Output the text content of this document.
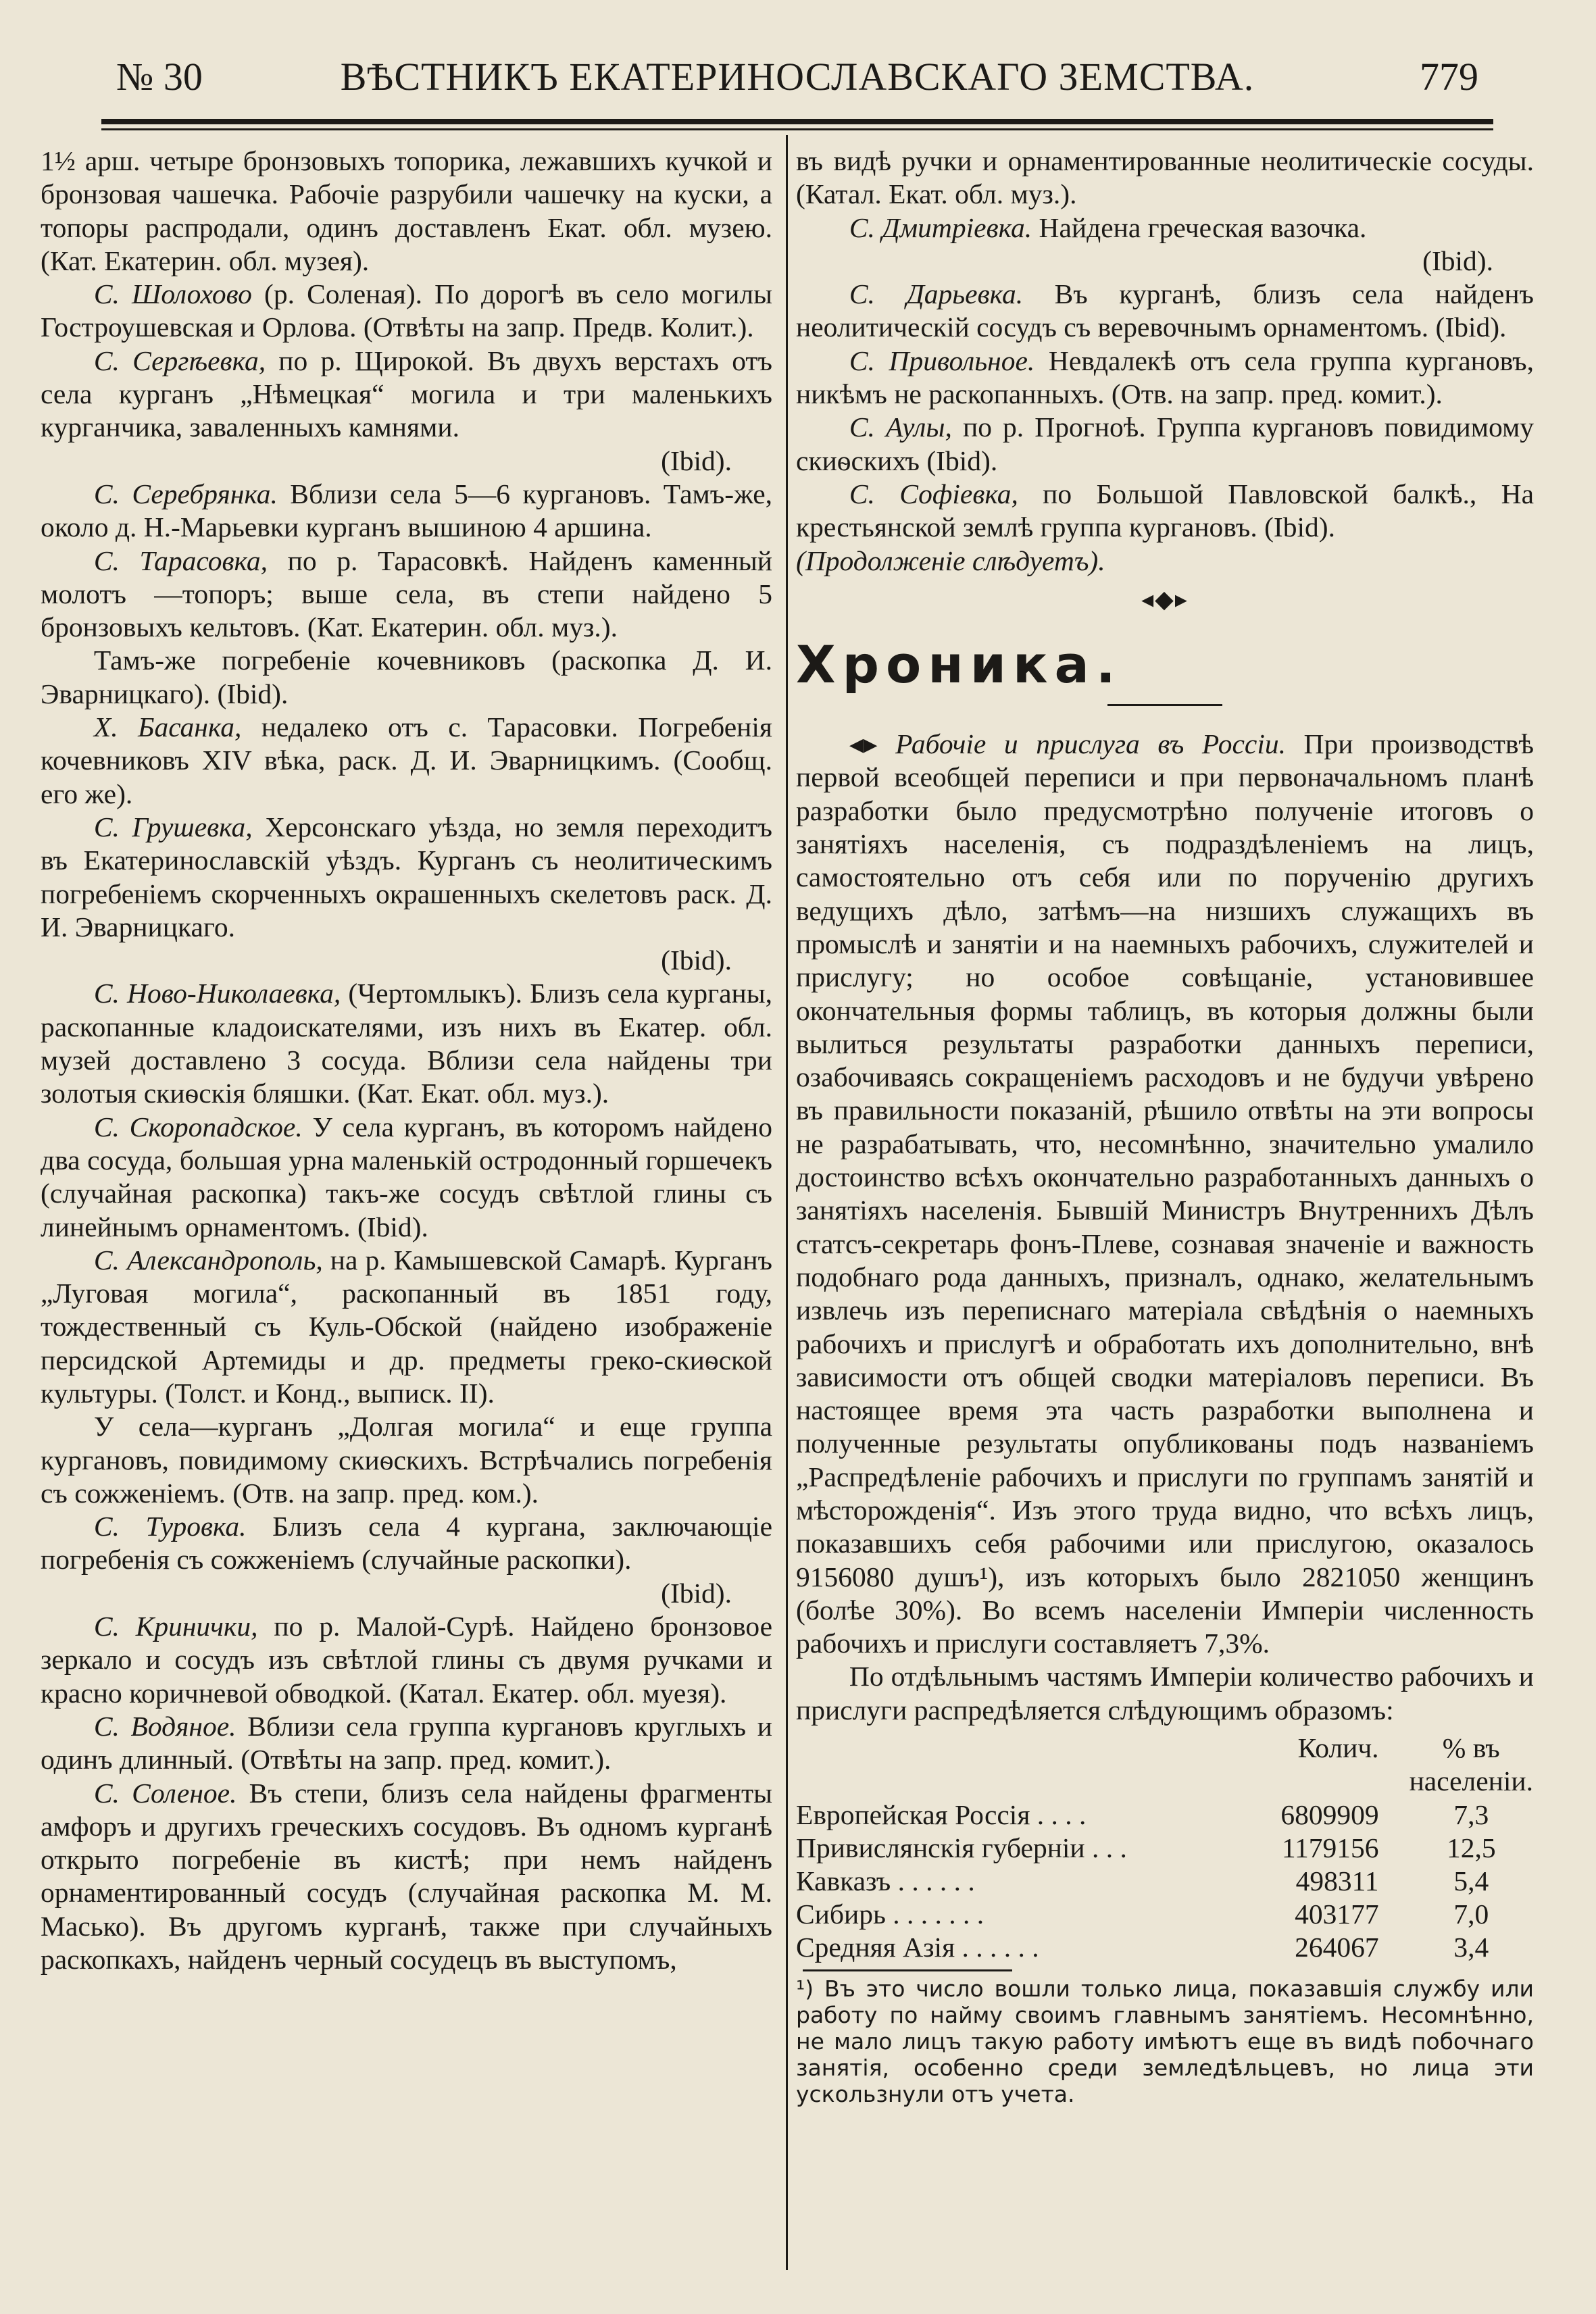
№ 30	ВѢСТНИКЪ ЕКАТЕРИНОСЛАВСКАГО ЗЕМСТВА.	779

1½ арш. четыре бронзовыхъ топорика, лежавшихъ кучкой и бронзовая чашечка. Рабочіе разрубили чашечку на куски, а топоры распродали, одинъ доставленъ Екат. обл. музею. (Кат. Екатерин. обл. музея).

С. Шолохово (р. Соленая). По дорогѣ въ село могилы Гостроушевская и Орлова. (Отвѣты на запр. Предв. Колит.).

С. Сергѣевка, по р. Щирокой. Въ двухъ верстахъ отъ села курганъ „Нѣмецкая“ могила и три маленькихъ курганчика, заваленныхъ камнями.
(Ibid).

С. Серебрянка. Вблизи села 5—6 кургановъ. Тамъ-же, около д. Н.-Марьевки курганъ вышиною 4 аршина.

С. Тарасовка, по р. Тарасовкѣ. Найденъ каменный молотъ —топоръ; выше села, въ степи найдено 5 бронзовыхъ кельтовъ. (Кат. Екатерин. обл. муз.).

Тамъ-же погребеніе кочевниковъ (раскопка Д. И. Эварницкаго). (Ibid).

Х. Басанка, недалеко отъ с. Тарасовки. Погребенія кочевниковъ XIV вѣка, раск. Д. И. Эварницкимъ. (Сообщ. его же).

С. Грушевка, Херсонскаго уѣзда, но земля переходитъ въ Екатеринославскій уѣздъ. Курганъ съ неолитическимъ погребеніемъ скорченныхъ окрашенныхъ скелетовъ раск. Д. И. Эварницкаго.
(Ibid).

С. Ново-Николаевка, (Чертомлыкъ). Близъ села курганы, раскопанные кладоискателями, изъ нихъ въ Екатер. обл. музей доставлено 3 сосуда. Вблизи села найдены три золотыя скиѳскія бляшки. (Кат. Екат. обл. муз.).

С. Скоропадское. У села курганъ, въ которомъ найдено два сосуда, большая урна маленькій остродонный горшечекъ (случайная раскопка) такъ-же сосудъ свѣтлой глины съ линейнымъ орнаментомъ. (Ibid).

С. Александрополь, на р. Камышевской Самарѣ. Курганъ „Луговая могила“, раскопанный въ 1851 году, тождественный съ Куль-Обской (найдено изображеніе персидской Артемиды и др. предметы греко-скиѳской культуры. (Толст. и Конд., выписк. II).

У села—курганъ „Долгая могила“ и еще группа кургановъ, повидимому скиѳскихъ. Встрѣчались погребенія съ сожженіемъ. (Отв. на запр. пред. ком.).

С. Туровка. Близъ села 4 кургана, заключающіе погребенія съ сожженіемъ (случайные раскопки).
(Ibid).

С. Кринички, по р. Малой-Сурѣ. Найдено бронзовое зеркало и сосудъ изъ свѣтлой глины съ двумя ручками и красно коричневой обводкой. (Катал. Екатер. обл. муезя).

С. Водяное. Вблизи села группа кургановъ круглыхъ и одинъ длинный. (Отвѣты на запр. пред. комит.).

С. Соленое. Въ степи, близъ села найдены фрагменты амфоръ и другихъ греческихъ сосудовъ. Въ одномъ курганѣ открыто погребеніе въ кистѣ; при немъ найденъ орнаментированный сосудъ (случайная раскопка М. М. Масько). Въ другомъ курганѣ, также при случайныхъ раскопкахъ, найденъ черный сосудецъ въ выступомъ,

въ видѣ ручки и орнаментированные неолитическіе сосуды. (Катал. Екат. обл. муз.).

С. Дмитріевка. Найдена греческая вазочка.
(Ibid).

С. Дарьевка. Въ курганѣ, близъ села найденъ неолитическій сосудъ съ веревочнымъ орнаментомъ. (Ibid).

С. Привольное. Невдалекѣ отъ села группа кургановъ, никѣмъ не раскопанныхъ. (Отв. на запр. пред. комит.).

С. Аулы, по р. Прогноѣ. Группа кургановъ повидимому скиѳскихъ (Ibid).

С. Софіевка, по Большой Павловской балкѣ., На крестьянской землѣ группа кургановъ. (Ibid).

(Продолженіе слѣдуетъ).

◂◆▸

Хроника.

◂▸ Рабочіе и прислуга въ Россіи. При производствѣ первой всеобщей переписи и при первоначальномъ планѣ разработки было предусмотрѣно полученіе итоговъ о занятіяхъ населенія, съ подраздѣленіемъ на лицъ, самостоятельно отъ себя или по порученію другихъ ведущихъ дѣло, затѣмъ—на низшихъ служащихъ въ промыслѣ и занятіи и на наемныхъ рабочихъ, служителей и прислугу; но особое совѣщаніе, установившее окончательныя формы таблицъ, въ которыя должны были вылиться результаты разработки данныхъ переписи, озабочиваясь сокращеніемъ расходовъ и не будучи увѣрено въ правильности показаній, рѣшило отвѣты на эти вопросы не разрабатывать, что, несомнѣнно, значительно умалило достоинство всѣхъ окончательно разработанныхъ данныхъ о занятіяхъ населенія. Бывшій Министръ Внутреннихъ Дѣлъ статсъ-секретарь фонъ-Плеве, сознавая значеніе и важность подобнаго рода данныхъ, призналъ, однако, желательнымъ извлечь изъ переписнаго матеріала свѣдѣнія о наемныхъ рабочихъ и прислугѣ и обработать ихъ дополнительно, внѣ зависимости отъ общей сводки матеріаловъ переписи. Въ настоящее время эта часть разработки выполнена и полученные результаты опубликованы подъ названіемъ „Распредѣленіе рабочихъ и прислуги по группамъ занятій и мѣсторожденія“. Изъ этого труда видно, что всѣхъ лицъ, показавшихъ себя рабочими или прислугою, оказалось 9156080 душъ¹), изъ которыхъ было 2821050 женщинъ (болѣе 30%). Во всемъ населеніи Имперіи численность рабочихъ и прислуги составляетъ 7,3%.

По отдѣльнымъ частямъ Имперіи количество рабочихъ и прислуги распредѣляется слѣдующимъ образомъ:

	Колич.	% въ населеніи.
Европейская Россія . . . .	6809909	7,3
Привислянскія губерніи . . .	1179156	12,5
Кавказъ . . . . . .	498311	5,4
Сибирь . . . . . . .	403177	7,0
Средняя Азія . . . . . .	264067	3,4

¹) Въ это число вошли только лица, показавшія службу или работу по найму своимъ главнымъ занятіемъ. Несомнѣнно, не мало лицъ такую работу имѣютъ еще въ видѣ побочнаго занятія, особенно среди земледѣльцевъ, но лица эти ускользнули отъ учета.
